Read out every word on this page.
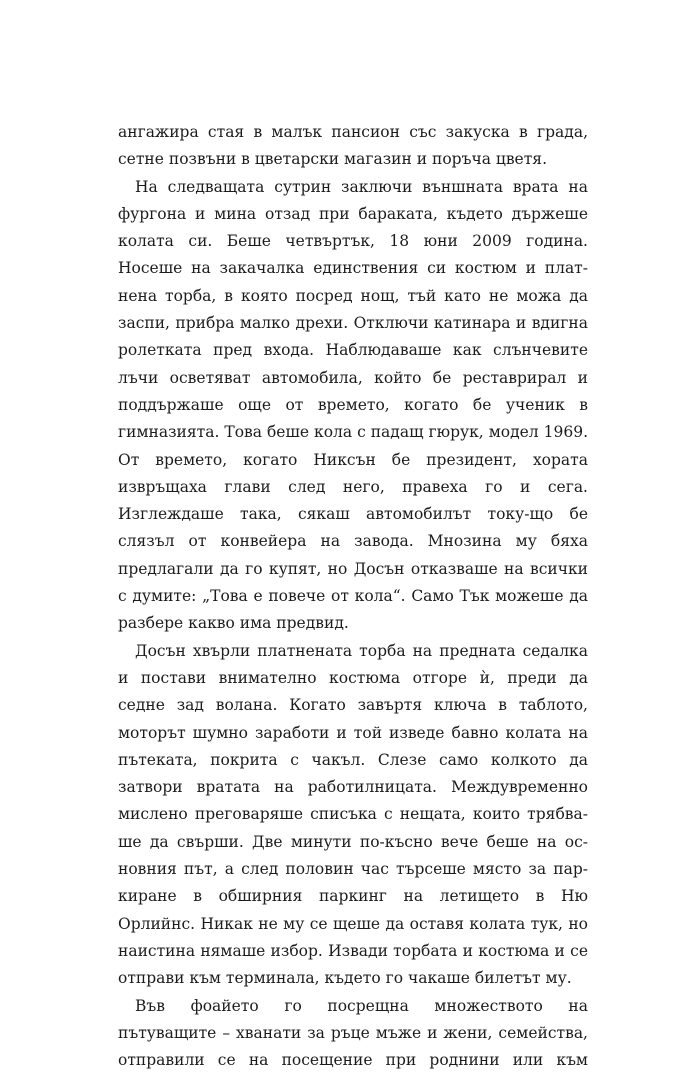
ангажира стая в малък пансион със закуска в града,
сетне позвъни в цветарски магазин и поръча цветя.
На следващата сутрин заключи външната врата на
фургона и мина отзад при бараката, където държеше
колата си. Беше четвъртък, 18 юни 2009 година.
Носеше на закачалка единствения си костюм и плат-
нена торба, в която посред нощ, тъй като не можа да
заспи, прибра малко дрехи. Отключи катинара и вдигна
ролетката пред входа. Наблюдаваше как слънчевите
лъчи осветяват автомобила, който бе реставрирал и
поддържаше още от времето, когато бе ученик в
гимназията. Това беше кола с падащ гюрук, модел 1969.
От времето, когато Никсън бе президент, хората
извръщаха глави след него, правеха го и сега.
Изглеждаше така, сякаш автомобилът току-що бе
слязъл от конвейера на завода. Мнозина му бяха
предлагали да го купят, но Досън отказваше на всички
с думите: „Това е повече от кола“. Само Тък можеше да
разбере какво има предвид.
Досън хвърли платнената торба на предната седалка
и постави внимателно костюма отгоре ѝ, преди да
седне зад волана. Когато завъртя ключа в таблото,
моторът шумно заработи и той изведе бавно колата на
пътеката, покрита с чакъл. Слезе само колкото да
затвори вратата на работилницата. Междувременно
мислено преговаряше списъка с нещата, които трябва-
ше да свърши. Две минути по-късно вече беше на ос-
новния път, а след половин час търсеше място за пар-
киране в обширния паркинг на летището в Ню
Орлийнс. Никак не му се щеше да оставя колата тук, но
наистина нямаше избор. Извади торбата и костюма и се
отправи към терминала, където го чакаше билетът му.
Във фоайето го посрещна множеството на
пътуващите – хванати за ръце мъже и жени, семейства,
отправили се на посещение при роднини или към
